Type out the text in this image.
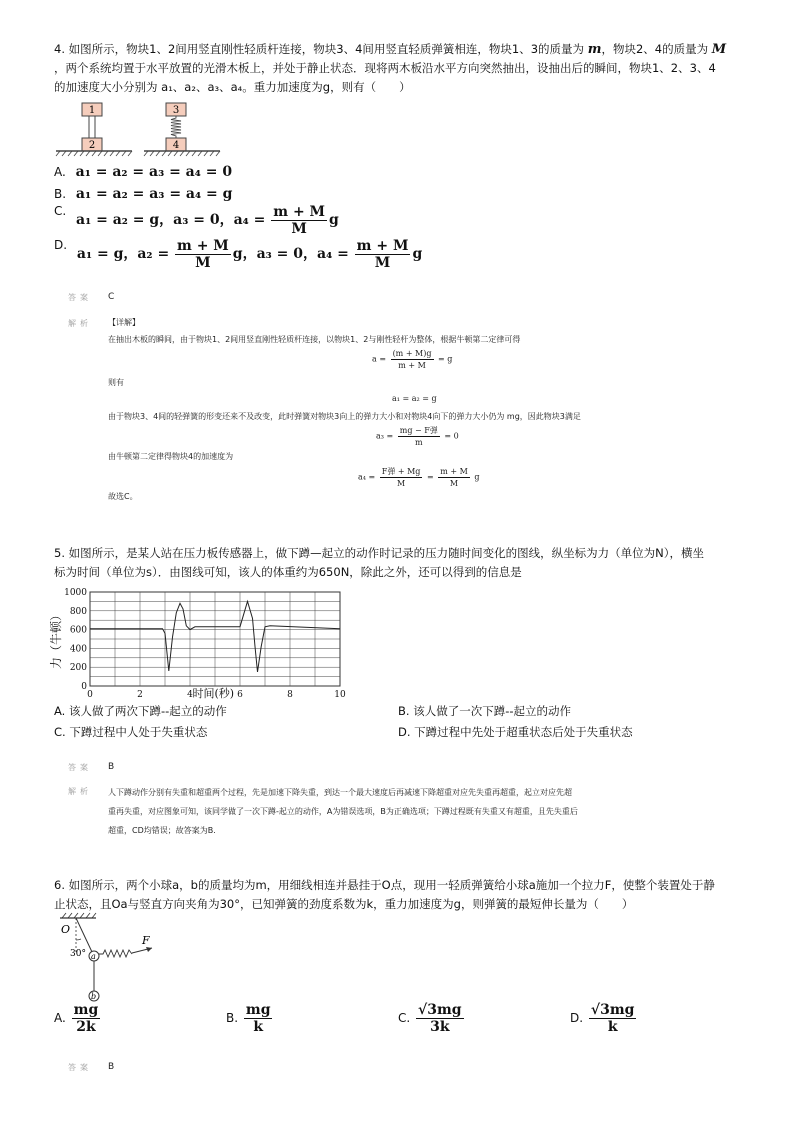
4. 如图所示，物块1、2间用竖直刚性轻质杆连接，物块3、4间用竖直轻质弹簧相连，物块1、3的质量为 m，物块2、4的质量为 M
，两个系统均置于水平放置的光滑木板上，并处于静止状态．现将两木板沿水平方向突然抽出，设抽出后的瞬间，物块1、2、3、4
的加速度大小分别为 a₁、a₂、a₃、a₄。重力加速度为g，则有（　　）
1
2
3
4
A. a₁ = a₂ = a₃ = a₄ = 0
B. a₁ = a₂ = a₃ = a₄ = g
C. a₁ = a₂ = g，a₃ = 0，$a_4 = \frac{m + M}{M}$ g
D. a₁ = g，$a_2 = \frac{m + M}{M}$ g，a₃ = 0，$a_4 = \frac{m + M}{M}$ g
答案 C
解析 【详解】
在抽出木板的瞬间，由于物块1、2间用竖直刚性轻质杆连接，以物块1、2与刚性轻杆为整体，根据牛顿第二定律可得
$a = \frac{(m + M)g}{m + M} = g$
则有
a₁ = a₂ = g
由于物块3、4间的轻弹簧的形变还来不及改变，此时弹簧对物块3向上的弹力大小和对物块4向下的弹力大小仍为 mg，因此物块3满足
$a_3 = \frac{\text{mg − F弹}}{m} = 0$
由牛顿第二定律得物块4的加速度为
$a_4 = \frac{\text{F弹 + Mg}}{M} = \frac{m + M}{M}$ g
故选C。
5. 如图所示，是某人站在压力板传感器上，做下蹲—起立的动作时记录的压力随时间变化的图线，纵坐标为力（单位为N），横坐
标为时间（单位为s）．由图线可知，该人的体重约为650N，除此之外，还可以得到的信息是
0
200
400
600
800
1000
0	2	4	6	8	10
时间(秒)
力（牛顿）
A. 该人做了两次下蹲--起立的动作	B. 该人做了一次下蹲--起立的动作
C. 下蹲过程中人处于失重状态	D. 下蹲过程中先处于超重状态后处于失重状态
答案 B
解析 人下蹲动作分别有失重和超重两个过程，先是加速下降失重，到达一个最大速度后再减速下降超重对应先失重再超重，起立对应先超
重再失重，对应图象可知，该同学做了一次下蹲-起立的动作，A为错误选项，B为正确选项；下蹲过程既有失重又有超重，且先失重后
超重，CD均错误；故答案为B.
6. 如图所示，两个小球a，b的质量均为m，用细线相连并悬挂于O点，现用一轻质弹簧给小球a施加一个拉力F，使整个装置处于静
止状态，且Oa与竖直方向夹角为30°，已知弹簧的劲度系数为k，重力加速度为g，则弹簧的最短伸长量为（　　）
O
30° a
F
b
A. $\frac{mg}{2k}$	B. $\frac{mg}{k}$	C. $\frac{√3mg}{3k}$	D. $\frac{√3mg}{k}$
答案 B
